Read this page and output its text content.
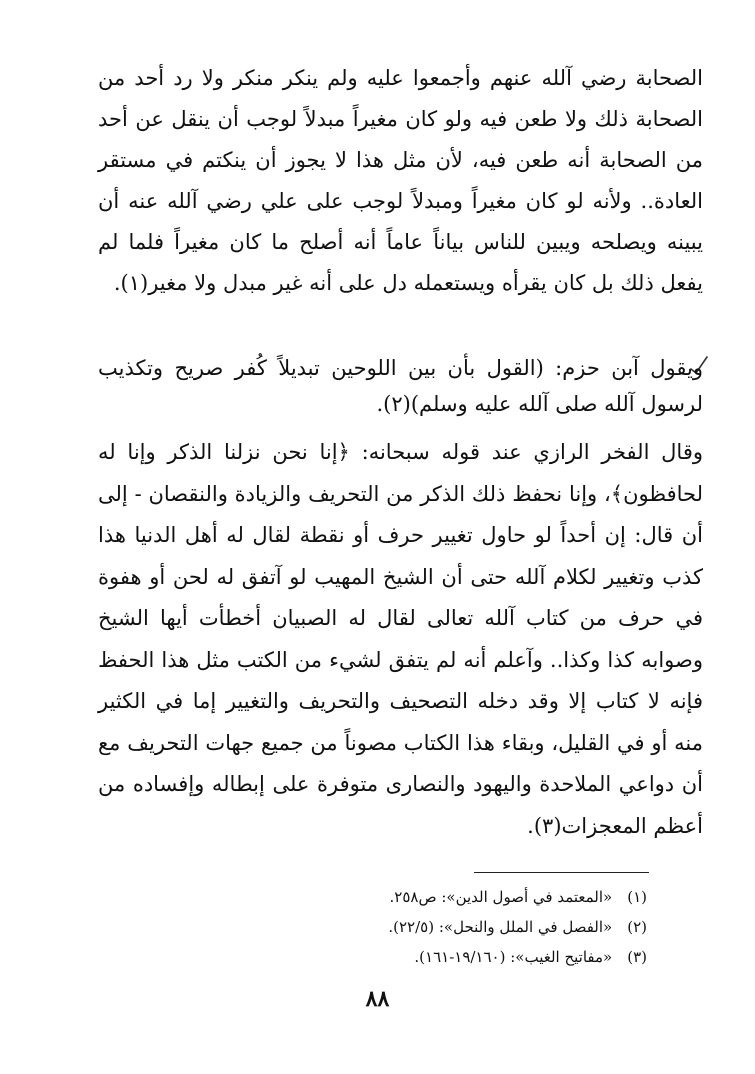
الصحابة رضي آلله عنهم وأجمعوا عليه ولم ينكر منكر ولا رد أحد من الصحابة ذلك ولا طعن فيه ولو كان مغيراً مبدلاً لوجب أن ينقل عن أحد من الصحابة أنه طعن فيه، لأن مثل هذا لا يجوز أن ينكتم في مستقر العادة.. ولأنه لو كان مغيراً ومبدلاً لوجب على علي رضي آلله عنه أن يبينه ويصلحه ويبين للناس بياناً عاماً أنه أصلح ما كان مغيراً فلما لم يفعل ذلك بل كان يقرأه ويستعمله دل على أنه غير مبدل ولا مغير(١).

ويقول آبن حزم: (القول بأن بين اللوحين تبديلاً كُفر صريح وتكذيب لرسول آلله صلى آلله عليه وسلم)(٢).

وقال الفخر الرازي عند قوله سبحانه: ﴿إنا نحن نزلنا الذكر وإنا له لحافظون﴾، وإنا نحفظ ذلك الذكر من التحريف والزيادة والنقصان - إلى أن قال: إن أحداً لو حاول تغيير حرف أو نقطة لقال له أهل الدنيا هذا كذب وتغيير لكلام آلله حتى أن الشيخ المهيب لو آتفق له لحن أو هفوة في حرف من كتاب آلله تعالى لقال له الصبيان أخطأت أيها الشيخ وصوابه كذا وكذا.. وآعلم أنه لم يتفق لشيء من الكتب مثل هذا الحفظ فإنه لا كتاب إلا وقد دخله التصحيف والتحريف والتغيير إما في الكثير منه أو في القليل، وبقاء هذا الكتاب مصوناً من جميع جهات التحريف مع أن دواعي الملاحدة واليهود والنصارى متوفرة على إبطاله وإفساده من أعظم المعجزات(٣).

(١) «المعتمد في أصول الدين»: ص٢٥٨.
(٢) «الفصل في الملل والنحل»: (٢٢/٥).
(٣) «مفاتيح الغيب»: (١٩/١٦٠-١٦١).
٨٨
